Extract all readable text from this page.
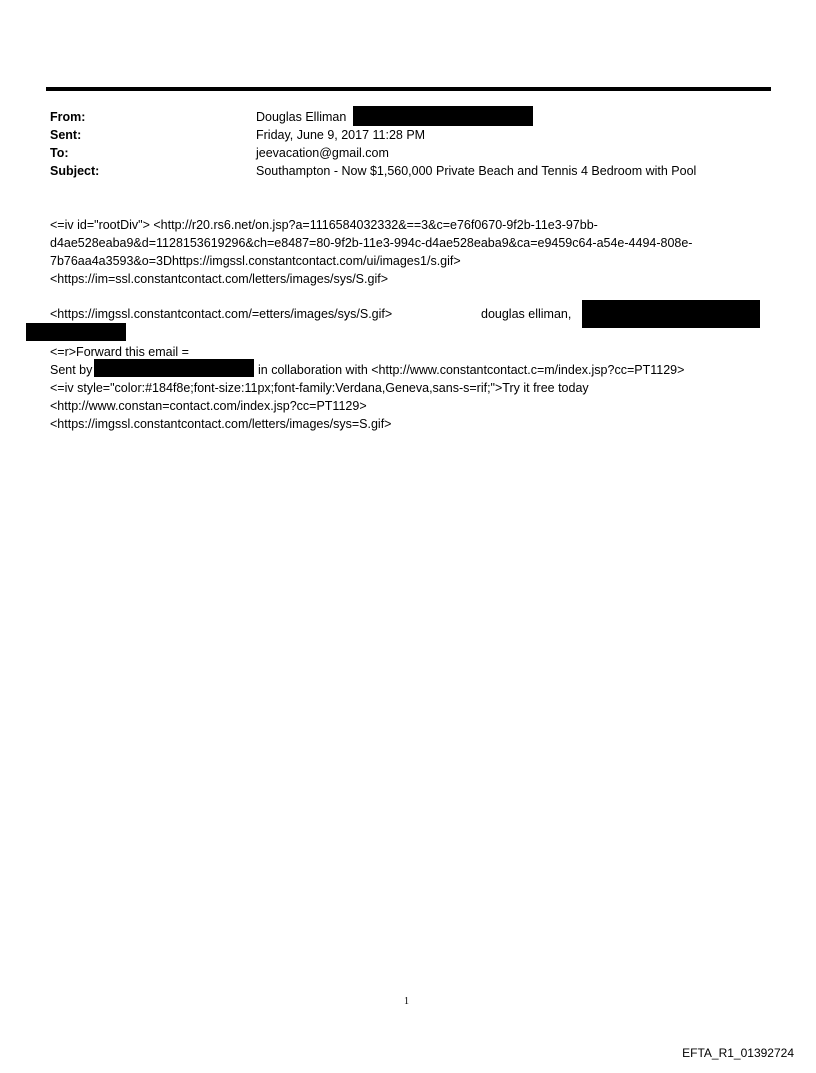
From:	Douglas Elliman
Sent:	Friday, June 9, 2017 11:28 PM
To:	jeevacation@gmail.com
Subject:	Southampton - Now $1,560,000 Private Beach and Tennis 4 Bedroom with Pool
<=iv id="rootDiv"> <http://r20.rs6.net/on.jsp?a=1116584032332&==3&c=e76f0670-9f2b-11e3-97bb-
d4ae528eaba9&d=1128153619296&ch=e8487=80-9f2b-11e3-994c-d4ae528eaba9&ca=e9459c64-a54e-4494-808e-
7b76aa4a3593&o=3Dhttps://imgssl.constantcontact.com/ui/images1/s.gif>
<https://im=ssl.constantcontact.com/letters/images/sys/S.gif>
<https://imgssl.constantcontact.com/=etters/images/sys/S.gif>	douglas elliman,
<=r>Forward this email =
Sent by	in collaboration with <http://www.constantcontact.c=m/index.jsp?cc=PT1129>
<=iv style="color:#184f8e;font-size:11px;font-family:Verdana,Geneva,sans-s=rif;">Try it free today
<http://www.constan=contact.com/index.jsp?cc=PT1129>
<https://imgssl.constantcontact.com/letters/images/sys=S.gif>
1
EFTA_R1_01392724
